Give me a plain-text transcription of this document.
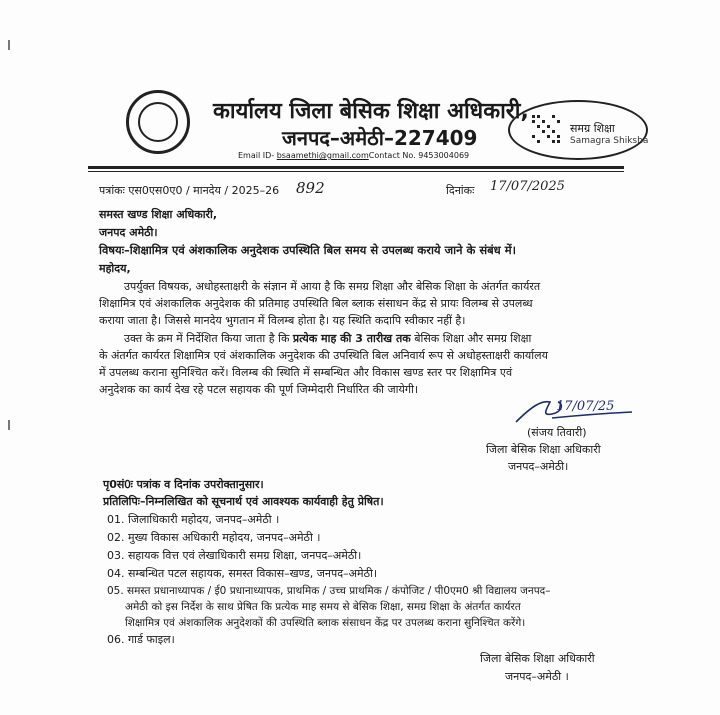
कार्यालय जिला बेसिक शिक्षा अधिकारी,
जनपद–अमेठी–227409
Email ID- bsaamethi@gmail.comContact No. 9453004069
समग्र शिक्षा
Samagra Shiksha
पत्रांकः एस0एस0ए0 / मानदेय / 2025–26 892	दिनांकः 17/07/2025
समस्त खण्ड शिक्षा अधिकारी,
जनपद अमेठी।
विषयः–शिक्षामित्र एवं अंशकालिक अनुदेशक उपस्थिति बिल समय से उपलब्ध कराये जाने के संबंध में।
महोदय,
उपर्युक्त विषयक, अधोहस्ताक्षरी के संज्ञान में आया है कि समग्र शिक्षा और बेसिक शिक्षा के अंतर्गत कार्यरत
शिक्षामित्र एवं अंशकालिक अनुदेशक की प्रतिमाह उपस्थिति बिल ब्लाक संसाधन केंद्र से प्रायः विलम्ब से उपलब्ध
कराया जाता है। जिससे मानदेय भुगतान में विलम्ब होता है। यह स्थिति कदापि स्वीकार नहीं है।
उक्त के क्रम में निर्देशित किया जाता है कि प्रत्येक माह की 3 तारीख तक बेसिक शिक्षा और समग्र शिक्षा
के अंतर्गत कार्यरत शिक्षामित्र एवं अंशकालिक अनुदेशक की उपस्थिति बिल अनिवार्य रूप से अधोहस्ताक्षरी कार्यालय
में उपलब्ध कराना सुनिश्चित करें। विलम्ब की स्थिति में सम्बन्धित और विकास खण्ड स्तर पर शिक्षामित्र एवं
अनुदेशक का कार्य देख रहे पटल सहायक की पूर्ण जिम्मेदारी निर्धारित की जायेगी।
17/07/25
(संजय तिवारी)
जिला बेसिक शिक्षा अधिकारी
जनपद–अमेठी।
पृ0सं0ः पत्रांक व दिनांक उपरोक्तानुसार।
प्रतिलिपिः–निम्नलिखित को सूचनार्थ एवं आवश्यक कार्यवाही हेतु प्रेषित।
01. जिलाधिकारी महोदय, जनपद–अमेठी ।
02. मुख्य विकास अधिकारी महोदय, जनपद–अमेठी ।
03. सहायक वित्त एवं लेखाधिकारी समग्र शिक्षा, जनपद–अमेठी।
04. सम्बन्धित पटल सहायक, समस्त विकास–खण्ड, जनपद–अमेठी।
05. समस्त प्रधानाध्यापक / ई0 प्रधानाध्यापक, प्राथमिक / उच्च प्राथमिक / कंपोजिट / पी0एम0 श्री विद्यालय जनपद–
अमेठी को इस निर्देश के साथ प्रेषित कि प्रत्येक माह समय से बेसिक शिक्षा, समग्र शिक्षा के अंतर्गत कार्यरत
शिक्षामित्र एवं अंशकालिक अनुदेशकों की उपस्थिति ब्लाक संसाधन केंद्र पर उपलब्ध कराना सुनिश्चित करेंगे।
06. गार्ड फाइल।
जिला बेसिक शिक्षा अधिकारी
जनपद–अमेठी ।
